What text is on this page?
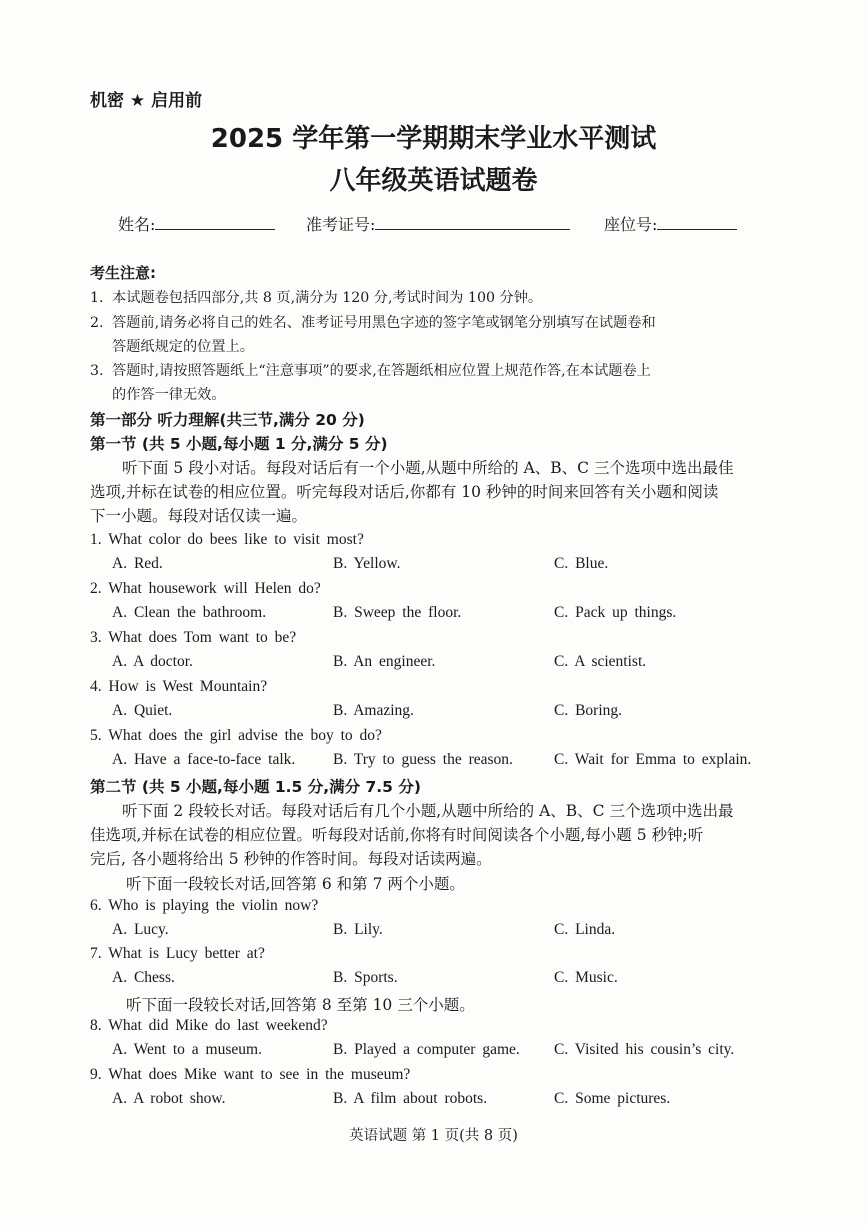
机密 ★ 启用前
2025 学年第一学期期末学业水平测试
八年级英语试题卷
姓名:	准考证号:	座位号:
考生注意:
1. 本试题卷包括四部分,共 8 页,满分为 120 分,考试时间为 100 分钟。
2. 答题前,请务必将自己的姓名、准考证号用黑色字迹的签字笔或钢笔分别填写在试题卷和
答题纸规定的位置上。
3. 答题时,请按照答题纸上“注意事项”的要求,在答题纸相应位置上规范作答,在本试题卷上
的作答一律无效。
第一部分 听力理解(共三节,满分 20 分)
第一节 (共 5 小题,每小题 1 分,满分 5 分)
听下面 5 段小对话。每段对话后有一个小题,从题中所给的 A、B、C 三个选项中选出最佳
选项,并标在试卷的相应位置。听完每段对话后,你都有 10 秒钟的时间来回答有关小题和阅读
下一小题。每段对话仅读一遍。
1. What color do bees like to visit most?
A. Red.	B. Yellow.	C. Blue.
2. What housework will Helen do?
A. Clean the bathroom.	B. Sweep the floor.	C. Pack up things.
3. What does Tom want to be?
A. A doctor.	B. An engineer.	C. A scientist.
4. How is West Mountain?
A. Quiet.	B. Amazing.	C. Boring.
5. What does the girl advise the boy to do?
A. Have a face-to-face talk. B. Try to guess the reason.	C. Wait for Emma to explain.
第二节 (共 5 小题,每小题 1.5 分,满分 7.5 分)
听下面 2 段较长对话。每段对话后有几个小题,从题中所给的 A、B、C 三个选项中选出最
佳选项,并标在试卷的相应位置。听每段对话前,你将有时间阅读各个小题,每小题 5 秒钟;听
完后, 各小题将给出 5 秒钟的作答时间。每段对话读两遍。
听下面一段较长对话,回答第 6 和第 7 两个小题。
6. Who is playing the violin now?
A. Lucy.	B. Lily.	C. Linda.
7. What is Lucy better at?
A. Chess.	B. Sports.	C. Music.
听下面一段较长对话,回答第 8 至第 10 三个小题。
8. What did Mike do last weekend?
A. Went to a museum.	B. Played a computer game. C. Visited his cousin’s city.
9. What does Mike want to see in the museum?
A. A robot show.	B. A film about robots.	C. Some pictures.
英语试题 第 1 页(共 8 页)
